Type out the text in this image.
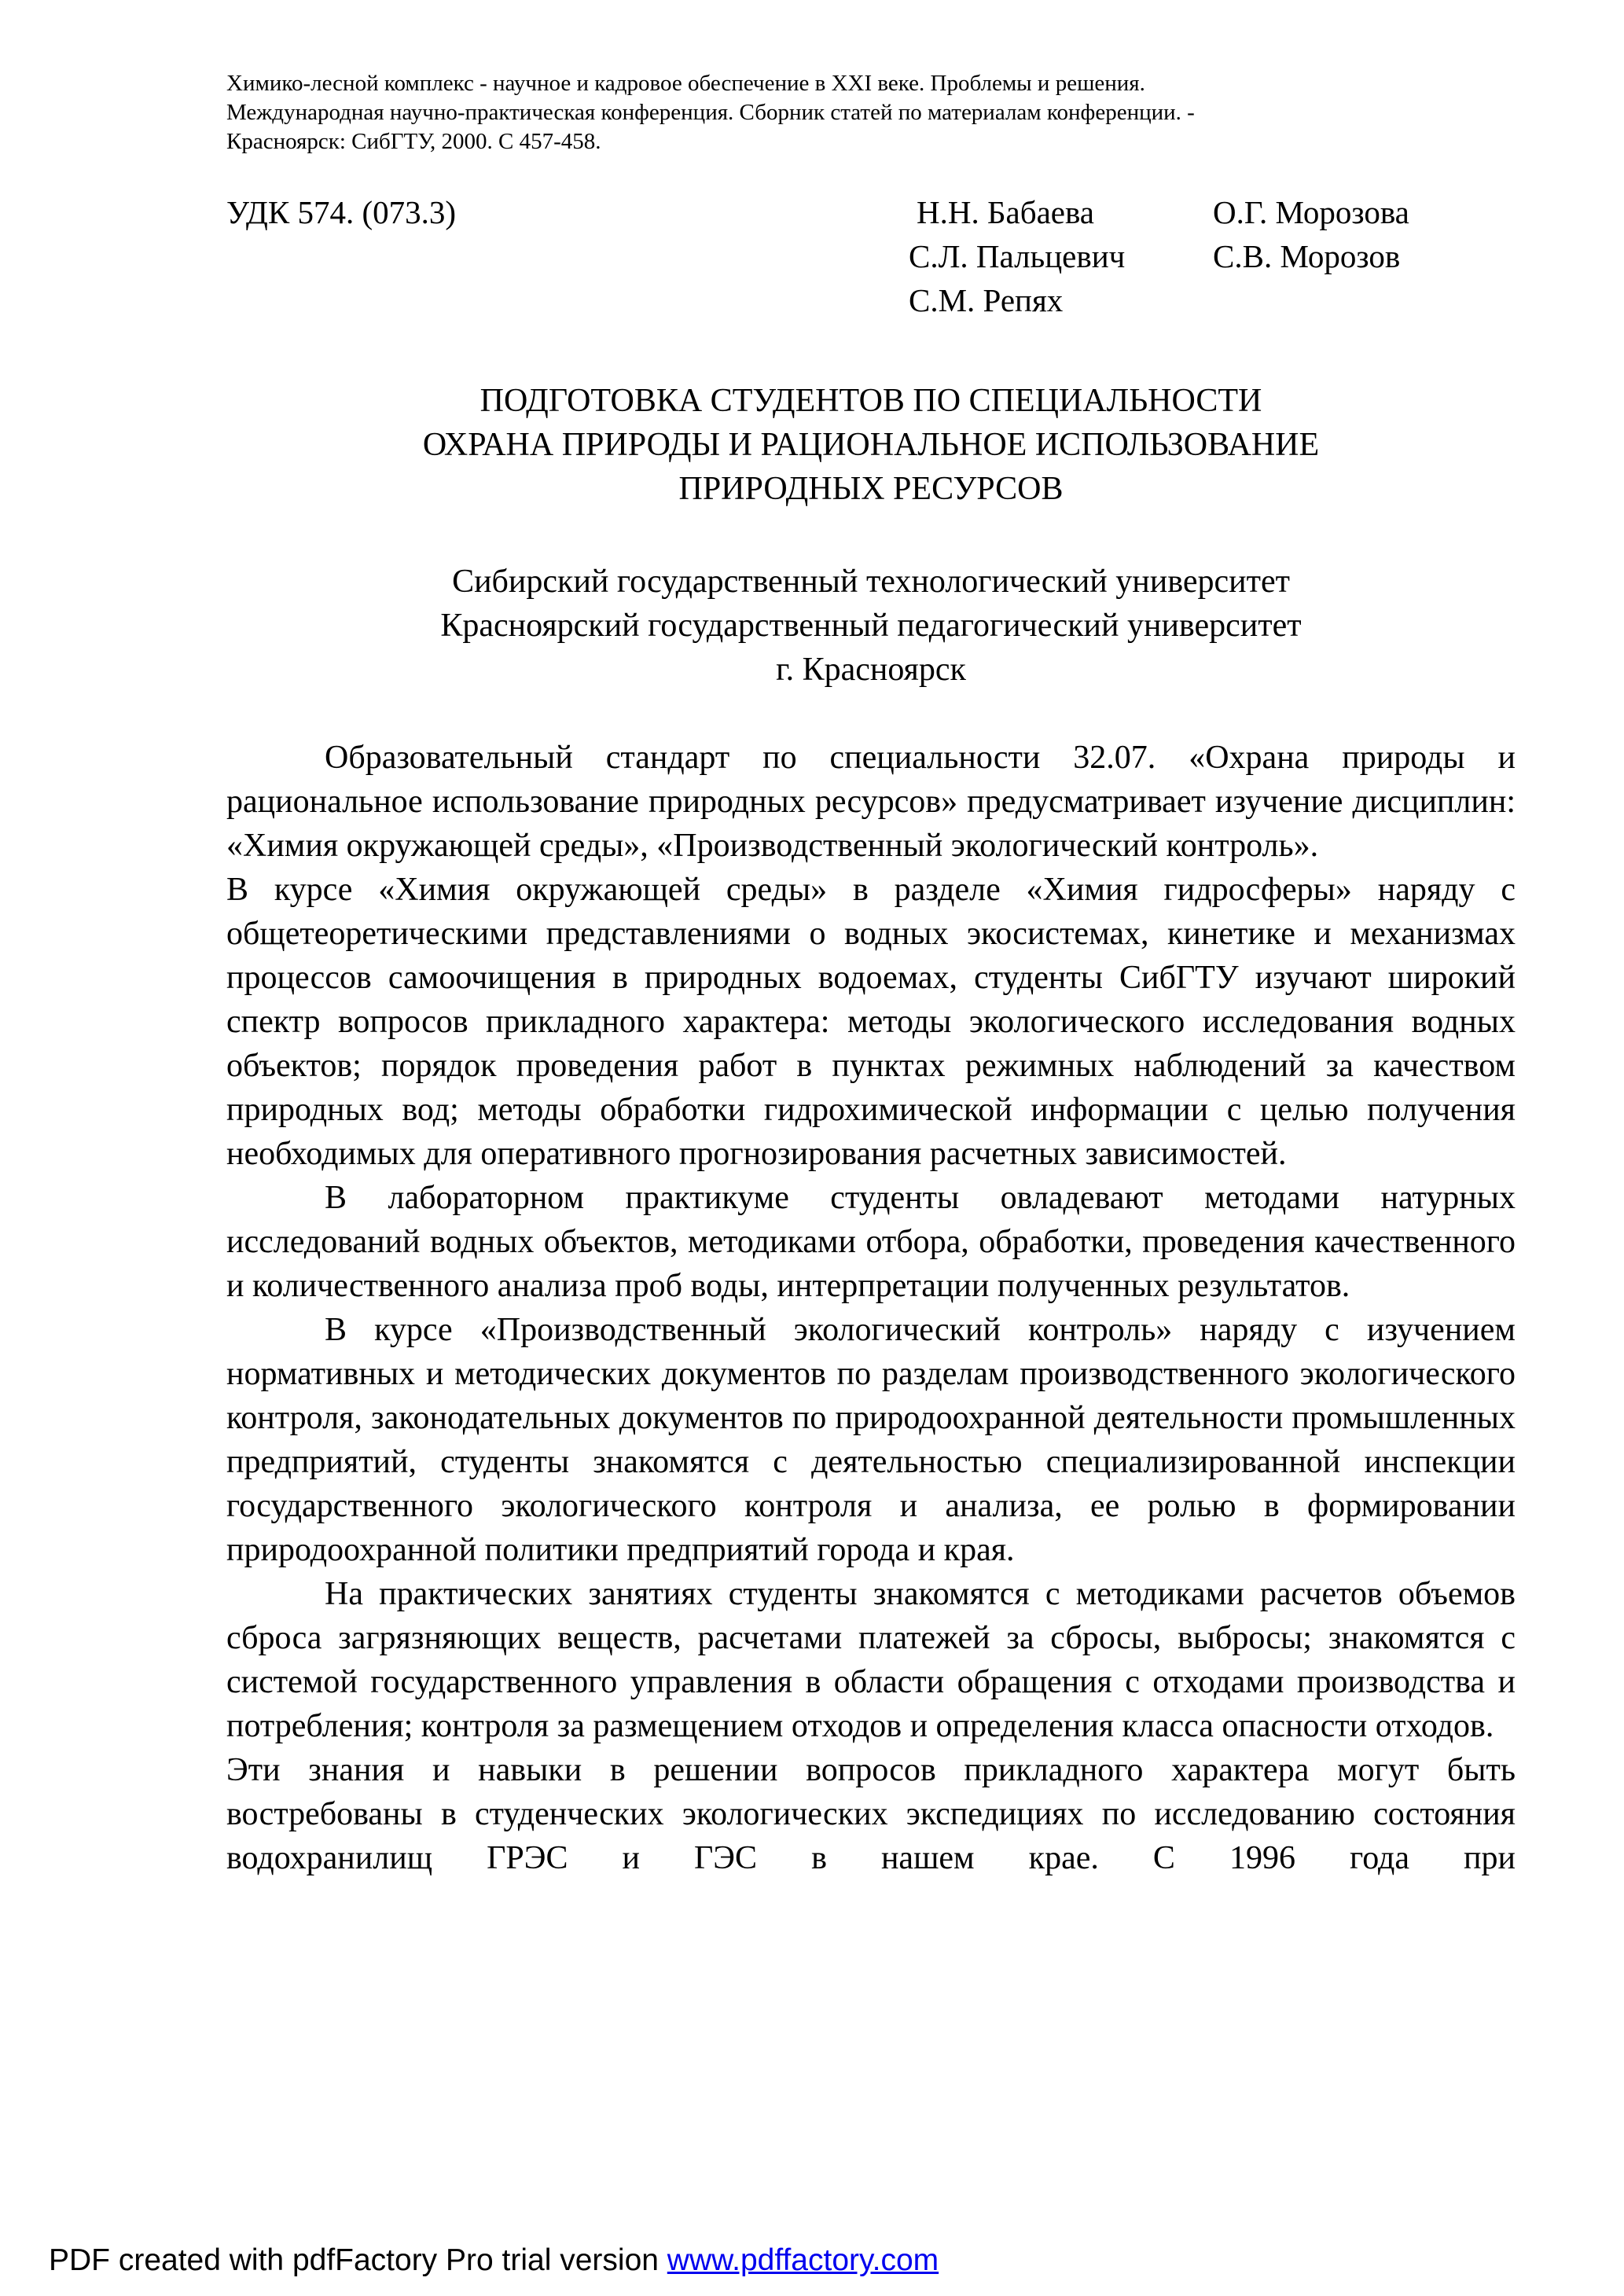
Химико-лесной комплекс - научное и кадровое обеспечение в XXI веке. Проблемы и решения.
Международная научно-практическая конференция. Сборник статей по материалам конференции. -
Красноярск: СибГТУ, 2000. С 457-458.
УДК 574. (073.3)	Н.Н. Бабаева	О.Г. Морозова
С.Л. Пальцевич	С.В. Морозов
С.М. Репях
ПОДГОТОВКА СТУДЕНТОВ ПО СПЕЦИАЛЬНОСТИ
ОХРАНА ПРИРОДЫ И РАЦИОНАЛЬНОЕ ИСПОЛЬЗОВАНИЕ
ПРИРОДНЫХ РЕСУРСОВ
Сибирский государственный технологический университет
Красноярский государственный педагогический университет
г. Красноярск

Образовательный стандарт по специальности 32.07. «Охрана природы и рациональное использование природных ресурсов» предусматривает изучение дисциплин: «Химия окружающей среды», «Производственный экологический контроль».

В курсе «Химия окружающей среды» в разделе «Химия гидросферы» наряду с общетеоретическими представлениями о водных экосистемах, кинетике и механизмах процессов самоочищения в природных водоемах, студенты СибГТУ изучают широкий спектр вопросов прикладного характера: методы экологического исследования водных объектов; порядок проведения работ в пунктах режимных наблюдений за качеством природных вод; методы обработки гидрохимической информации с целью получения необходимых для оперативного прогнозирования расчетных зависимостей.

В лабораторном практикуме студенты овладевают методами натурных исследований водных объектов, методиками отбора, обработки, проведения качественного и количественного анализа проб воды, интерпретации полученных результатов.

В курсе «Производственный экологический контроль» наряду с изучением нормативных и методических документов по разделам производственного экологического контроля, законодательных документов по природоохранной деятельности промышленных предприятий, студенты знакомятся с деятельностью специализированной инспекции государственного экологического контроля и анализа, ее ролью в формировании природоохранной политики предприятий города и края.

На практических занятиях студенты знакомятся с методиками расчетов объемов сброса загрязняющих веществ, расчетами платежей за сбросы, выбросы; знакомятся с системой государственного управления в области обращения с отходами производства и потребления; контроля за размещением отходов и определения класса опасности отходов.

Эти знания и навыки в решении вопросов прикладного характера могут быть востребованы в студенческих экологических экспедициях по исследованию состояния водохранилищ ГРЭС и ГЭС в нашем крае. С 1996 года при

PDF created with pdfFactory Pro trial version www.pdffactory.com
